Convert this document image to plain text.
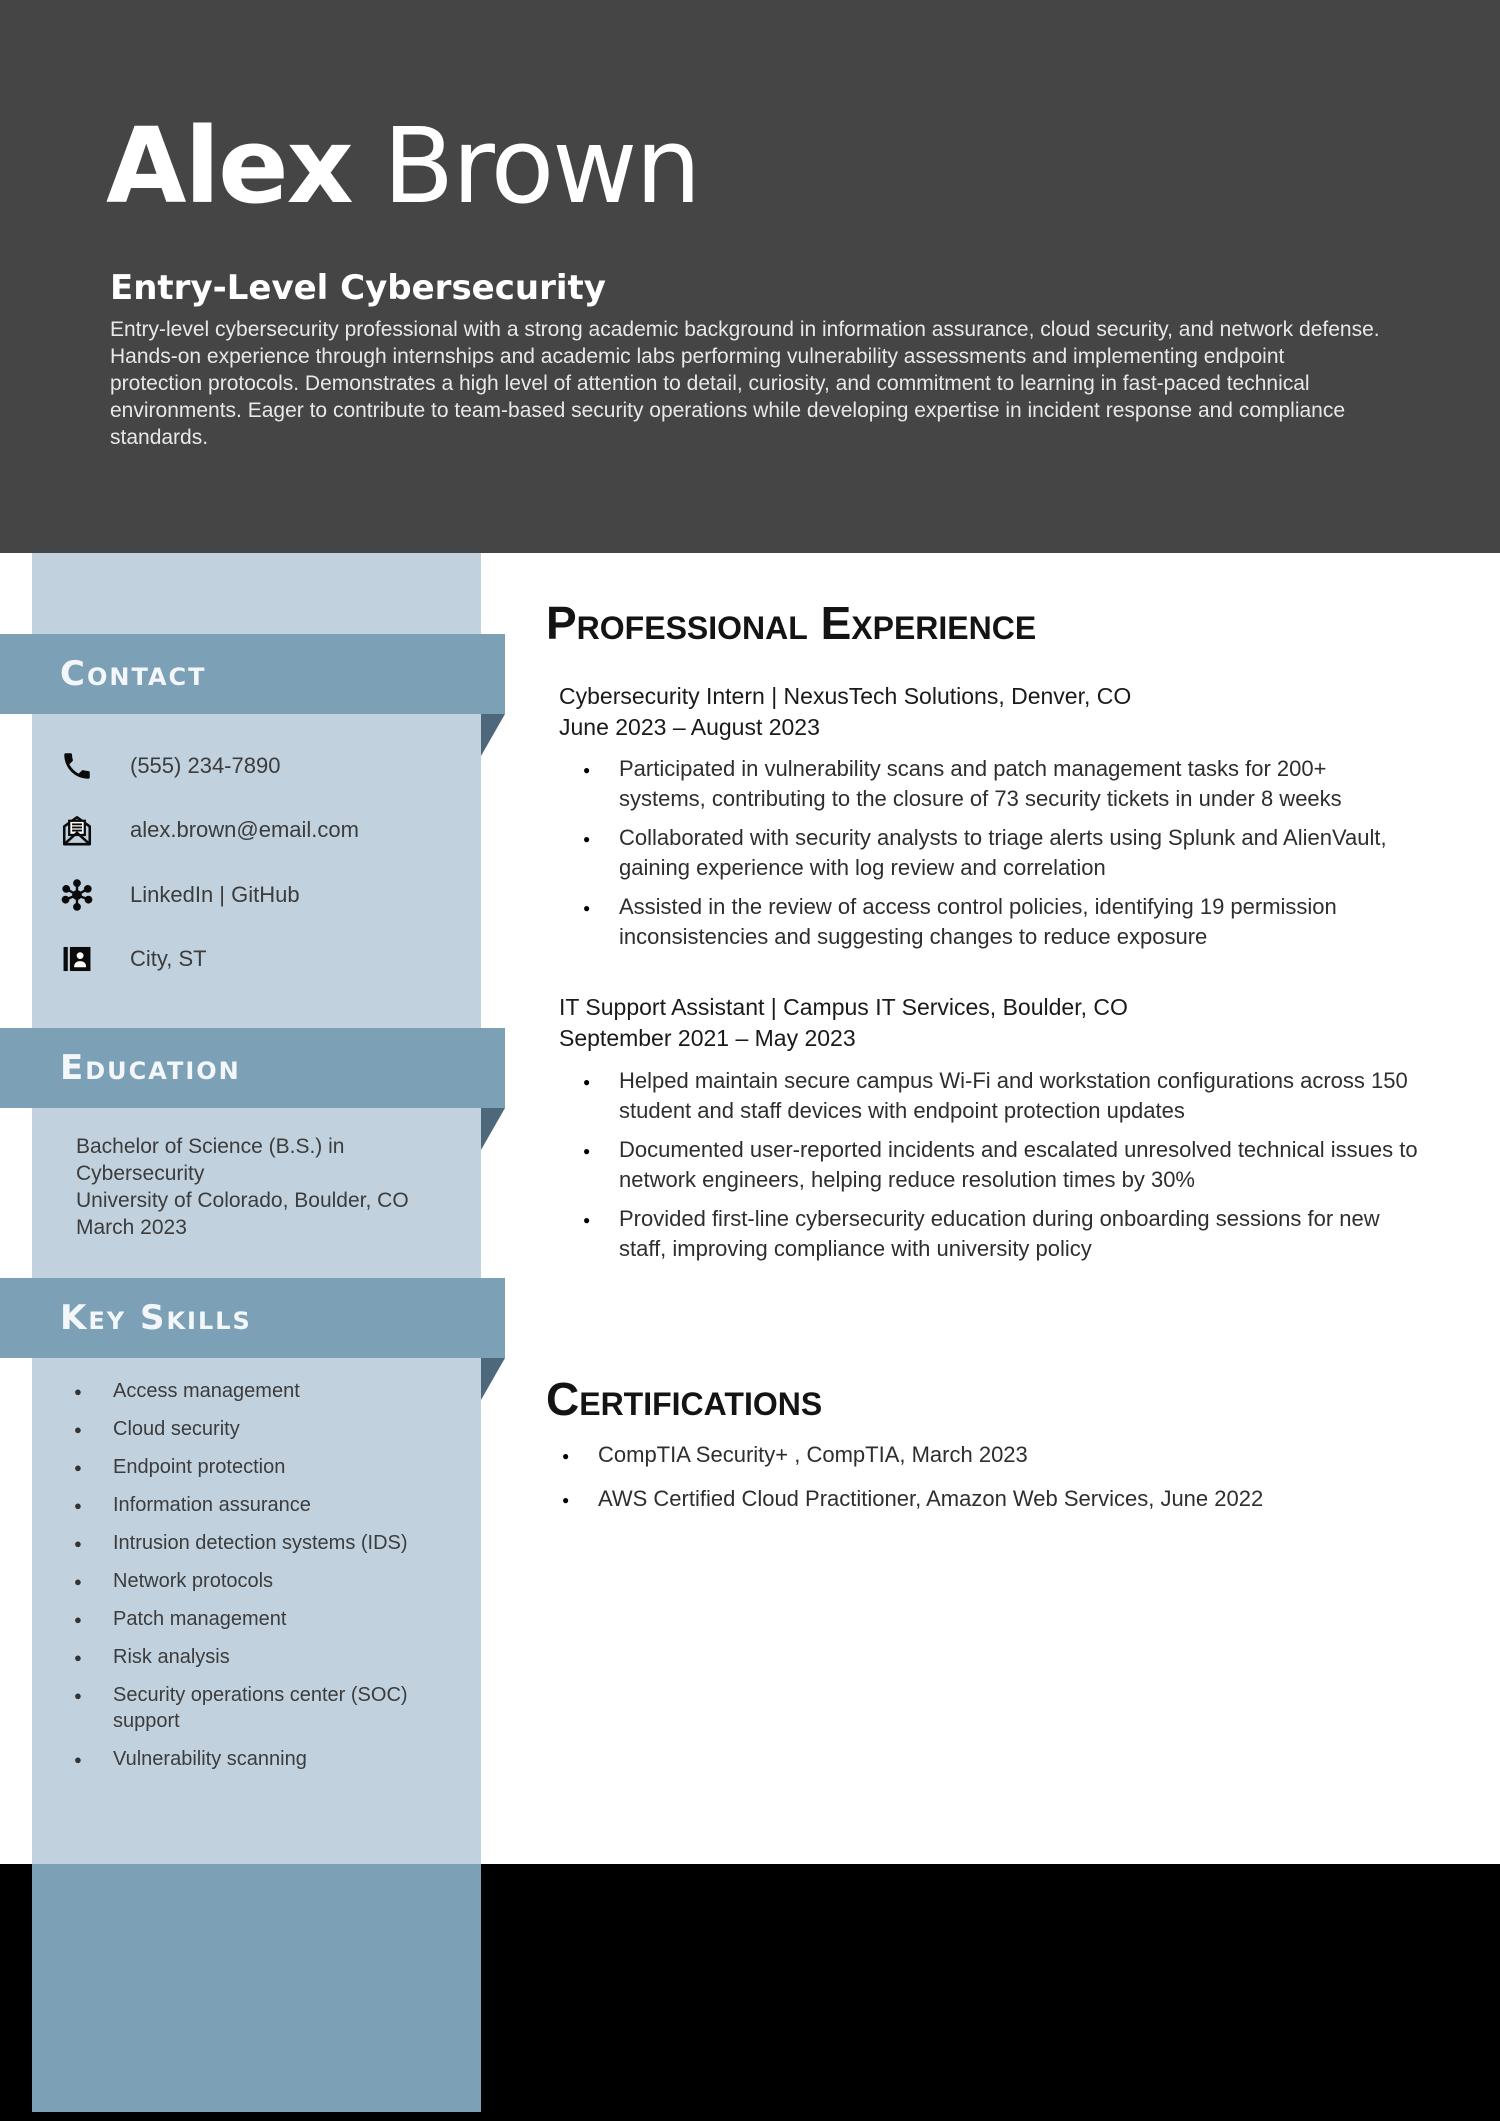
Alex Brown
Entry-Level Cybersecurity

Entry-level cybersecurity professional with a strong academic background in information assurance, cloud security, and network defense. Hands-on experience through internships and academic labs performing vulnerability assessments and implementing endpoint protection protocols. Demonstrates a high level of attention to detail, curiosity, and commitment to learning in fast-paced technical environments. Eager to contribute to team-based security operations while developing expertise in incident response and compliance standards.

Contact
(555) 234-7890
alex.brown@email.com
LinkedIn | GitHub
City, ST
Education
Bachelor of Science (B.S.) in Cybersecurity
University of Colorado, Boulder, CO
March 2023
Key Skills
● Access management
● Cloud security
● Endpoint protection
● Information assurance
● Intrusion detection systems (IDS)
● Network protocols
● Patch management
● Risk analysis
● Security operations center (SOC) support
● Vulnerability scanning
Professional Experience
Cybersecurity Intern | NexusTech Solutions, Denver, CO
June 2023 – August 2023
● Participated in vulnerability scans and patch management tasks for 200+ systems, contributing to the closure of 73 security tickets in under 8 weeks
● Collaborated with security analysts to triage alerts using Splunk and AlienVault, gaining experience with log review and correlation
● Assisted in the review of access control policies, identifying 19 permission inconsistencies and suggesting changes to reduce exposure
IT Support Assistant | Campus IT Services, Boulder, CO
September 2021 – May 2023
● Helped maintain secure campus Wi-Fi and workstation configurations across 150 student and staff devices with endpoint protection updates
● Documented user-reported incidents and escalated unresolved technical issues to network engineers, helping reduce resolution times by 30%
● Provided first-line cybersecurity education during onboarding sessions for new staff, improving compliance with university policy
Certifications
● CompTIA Security+ , CompTIA, March 2023
● AWS Certified Cloud Practitioner, Amazon Web Services, June 2022
